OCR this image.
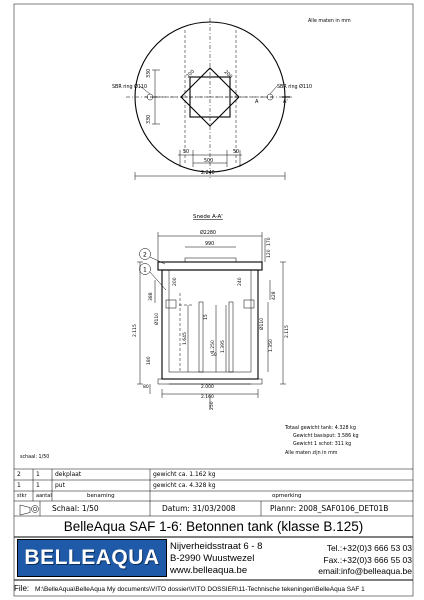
Alle maten in mm
330
330
200	200
SBR ring Ø110	SBR ring Ø110
A	A'
50	50
500
2.240
Snede A-A'
Ø2280
990	170
120
200	240
388
Ø110
2.115
180
1.645
15
1.250 1.395
50
428
Ø110
1.350
2.115
80	2.000
2.160
250
2
1
Totaal gewicht tank: 4.328 kg
Gewicht basisput: 3.586 kg
Gewicht 1 schot: 311 kg
Alle maten zijn in mm
schaal: 1/50
2	1	dekplaat	gewicht ca. 1.162 kg
1	1	put	gewicht ca. 4.328 kg
stkr	aantal	benaming	opmerking
Schaal: 1/50	Datum: 31/03/2008	Plannr: 2008_SAF0106_DET01B
BelleAqua SAF 1-6: Betonnen tank (klasse B.125)
BELLEAQUA Nijverheidsstraat 6 - 8
B-2990 Wuustwezel
www.belleaqua.be
Tel.:+32(0)3 666 53 03
Fax.:+32(0)3 666 55 03
email:info@belleaqua.be
File: M:\BelleAqua\BelleAqua My documents\VITO dossier\VITO DOSSIER\11-Technische tekeningen\BelleAqua SAF 1
